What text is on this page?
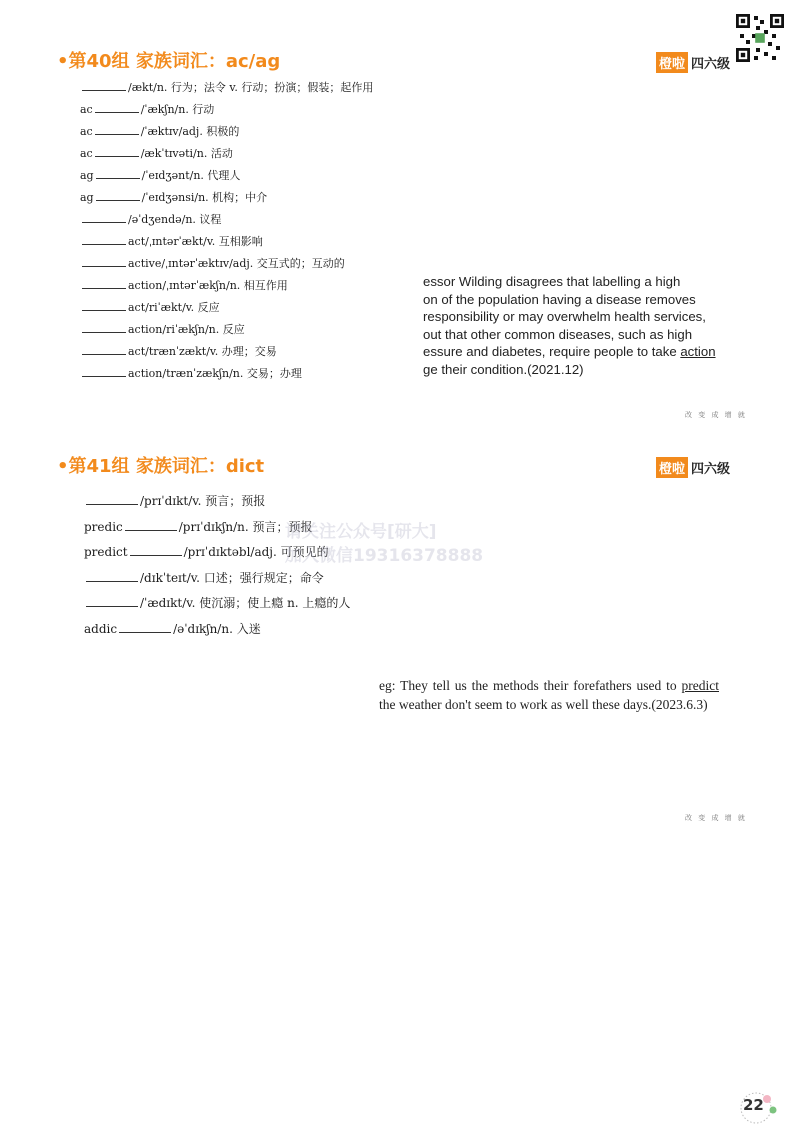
•第40组 家族词汇：ac/ag	橙啦 四六级
/ækt/n. 行为；法令 v. 行动；扮演；假装；起作用
ac	/ˈækʃn/n. 行动
ac	/ˈæktɪv/adj. 积极的
ac	/ækˈtɪvəti/n. 活动
ag	/ˈeɪdʒənt/n. 代理人
ag	/ˈeɪdʒənsi/n. 机构；中介
/əˈdʒendə/n. 议程
act/ˌɪntərˈækt/v. 互相影响
active/ˌɪntərˈæktɪv/adj. 交互式的；互动的
action/ˌɪntərˈækʃn/n. 相互作用
act/riˈækt/v. 反应
action/riˈækʃn/n. 反应
act/trænˈzækt/v. 办理；交易
action/trænˈzækʃn/n. 交易；办理
essor Wilding disagrees that labelling a high
on of the population having a disease removes
responsibility or may overwhelm health services,
out that other common diseases, such as high
essure and diabetes, require people to take action
ge their condition.(2021.12)
改 变 成 增 就
•第41组 家族词汇：dict	橙啦 四六级
/prɪˈdɪkt/v. 预言；预报
predic	/prɪˈdɪkʃn/n. 预言；预报
predict	/prɪˈdɪktəbl/adj. 可预见的
/dɪkˈteɪt/v. 口述；强行规定；命令
/ˈædɪkt/v. 使沉溺；使上瘾 n. 上瘾的人
addic	/əˈdɪkʃn/n. 入迷
请关注公众号[研大]
加入微信19316378888
eg: They tell us the methods their forefathers used to predict the weather don't seem to work as well these days.(2023.6.3)
改 变 成 增 就
22
